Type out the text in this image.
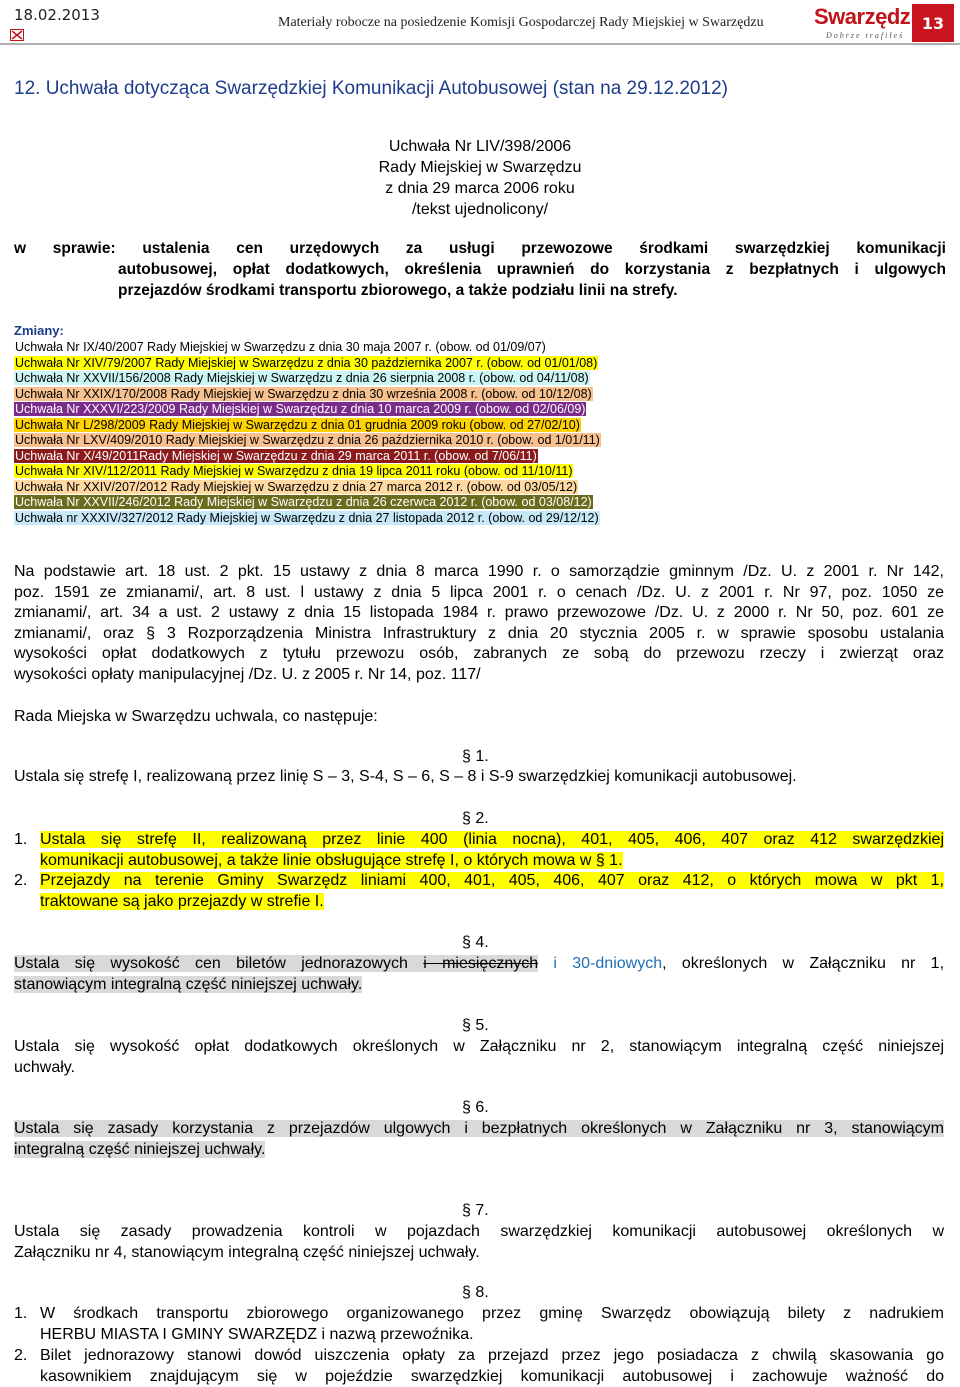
18.02.2013	Materiały robocze na posiedzenie Komisji Gospodarczej Rady Miejskiej w Swarzędzu Swarzędz
Dobrze trafiłeś
13
12. Uchwała dotycząca Swarzędzkiej Komunikacji Autobusowej (stan na 29.12.2012)
Uchwała Nr LIV/398/2006
Rady Miejskiej w Swarzędzu
z dnia 29 marca 2006 roku
/tekst ujednolicony/
w sprawie: ustalenia cen urzędowych za usługi przewozowe środkami swarzędzkiej komunikacji
autobusowej, opłat dodatkowych, określenia uprawnień do korzystania z bezpłatnych i ulgowych
przejazdów środkami transportu zbiorowego, a także podziału linii na strefy.
Zmiany:
Uchwała Nr IX/40/2007 Rady Miejskiej w Swarzędzu z dnia 30 maja 2007 r. (obow. od 01/09/07)
Uchwała Nr XIV/79/2007 Rady Miejskiej w Swarzędzu z dnia 30 października 2007 r. (obow. od 01/01/08)
Uchwała Nr XXVII/156/2008 Rady Miejskiej w Swarzędzu z dnia 26 sierpnia 2008 r. (obow. od 04/11/08)
Uchwała Nr XXIX/170/2008 Rady Miejskiej w Swarzędzu z dnia 30 września 2008 r. (obow. od 10/12/08)
Uchwała Nr XXXVI/223/2009 Rady Miejskiej w Swarzędzu z dnia 10 marca 2009 r. (obow. od 02/06/09)
Uchwała Nr L/298/2009 Rady Miejskiej w Swarzędzu z dnia 01 grudnia 2009 roku (obow. od 27/02/10)
Uchwała Nr LXV/409/2010 Rady Miejskiej w Swarzędzu z dnia 26 października 2010 r. (obow. od 1/01/11)
Uchwała Nr X/49/2011Rady Miejskiej w Swarzędzu z dnia 29 marca 2011 r. (obow. od 7/06/11)
Uchwała Nr XIV/112/2011 Rady Miejskiej w Swarzędzu z dnia 19 lipca 2011 roku (obow. od 11/10/11)
Uchwała Nr XXIV/207/2012 Rady Miejskiej w Swarzędzu z dnia 27 marca 2012 r. (obow. od 03/05/12)
Uchwała Nr XXVII/246/2012 Rady Miejskiej w Swarzędzu z dnia 26 czerwca 2012 r. (obow. od 03/08/12)
Uchwała nr XXXIV/327/2012 Rady Miejskiej w Swarzędzu z dnia 27 listopada 2012 r. (obow. od 29/12/12)
Na podstawie art. 18 ust. 2 pkt. 15 ustawy z dnia 8 marca 1990 r. o samorządzie gminnym /Dz. U. z 2001 r. Nr 142,
poz. 1591 ze zmianami/, art. 8 ust. l ustawy z dnia 5 lipca 2001 r. o cenach /Dz. U. z 2001 r. Nr 97, poz. 1050 ze
zmianami/, art. 34 a ust. 2 ustawy z dnia 15 listopada 1984 r. prawo przewozowe /Dz. U. z 2000 r. Nr 50, poz. 601 ze
zmianami/, oraz § 3 Rozporządzenia Ministra Infrastruktury z dnia 20 stycznia 2005 r. w sprawie sposobu ustalania
wysokości opłat dodatkowych z tytułu przewozu osób, zabranych ze sobą do przewozu rzeczy i zwierząt oraz
wysokości opłaty manipulacyjnej /Dz. U. z 2005 r. Nr 14, poz. 117/
Rada Miejska w Swarzędzu uchwala, co następuje:
§ 1.
Ustala się strefę I, realizowaną przez linię S – 3, S-4, S – 6, S – 8 i S-9 swarzędzkiej komunikacji autobusowej.
§ 2.
1. Ustala się strefę II, realizowaną przez linie 400 (linia nocna), 401, 405, 406, 407 oraz 412 swarzędzkiej
komunikacji autobusowej, a także linie obsługujące strefę I, o których mowa w § 1.
2. Przejazdy na terenie Gminy Swarzędz liniami 400, 401, 405, 406, 407 oraz 412, o których mowa w pkt 1,
traktowane są jako przejazdy w strefie I.
§ 4.
Ustala się wysokość cen biletów jednorazowych i miesięcznych i 30-dniowych, określonych w Załączniku nr 1,
stanowiącym integralną część niniejszej uchwały.
§ 5.
Ustala się wysokość opłat dodatkowych określonych w Załączniku nr 2, stanowiącym integralną część niniejszej
uchwały.
§ 6.
Ustala się zasady korzystania z przejazdów ulgowych i bezpłatnych określonych w Załączniku nr 3, stanowiącym
integralną część niniejszej uchwały.
§ 7.
Ustala się zasady prowadzenia kontroli w pojazdach swarzędzkiej komunikacji autobusowej określonych w
Załączniku nr 4, stanowiącym integralną część niniejszej uchwały.
§ 8.
1. W środkach transportu zbiorowego organizowanego przez gminę Swarzędz obowiązują bilety z nadrukiem
HERBU MIASTA I GMINY SWARZĘDZ i nazwą przewoźnika.
2. Bilet jednorazowy stanowi dowód uiszczenia opłaty za przejazd przez jego posiadacza z chwilą skasowania go
kasownikiem znajdującym się w pojeździe swarzędzkiej komunikacji autobusowej i zachowuje ważność do
